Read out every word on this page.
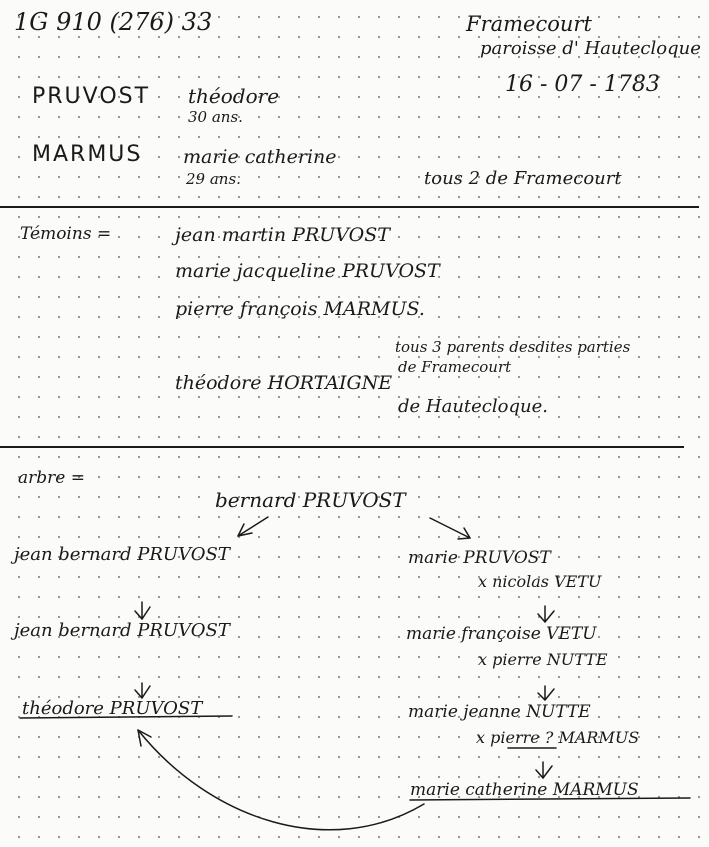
1G 910 (276) 33	Framecourt
paroisse d' Hautecloque
16 - 07 - 1783
PRUVOST théodore
30 ans.
MARMUS marie catherine
29 ans.	tous 2 de Framecourt
Témoins =	jean martin PRUVOST
marie jacqueline PRUVOST
pierre françois MARMUS.
tous 3 parents desdites parties
de Framecourt
théodore HORTAIGNE
de Hautecloque.
arbre =
bernard PRUVOST
jean bernard PRUVOST
jean bernard PRUVOST
théodore PRUVOST
marie PRUVOST
x nicolas VETU
marie françoise VETU
x pierre NUTTE
marie jeanne NUTTE
x pierre ? MARMUS
marie catherine MARMUS
